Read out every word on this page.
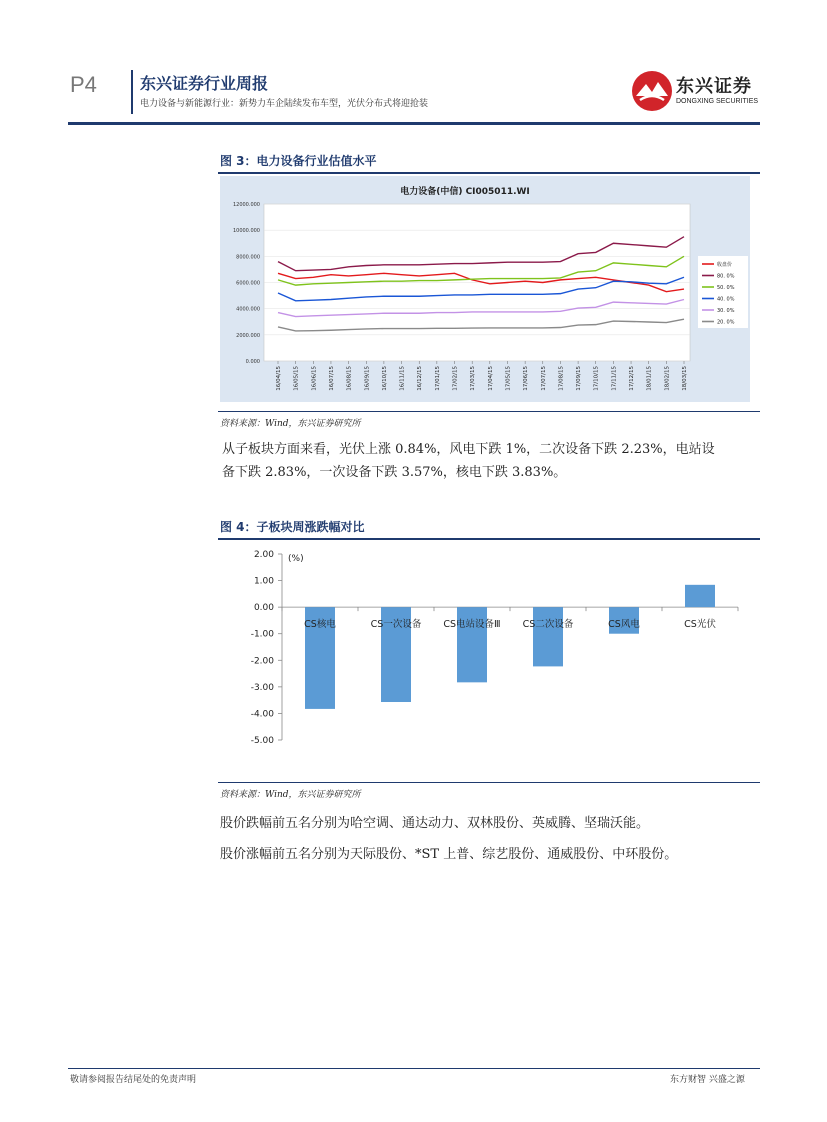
P4	东兴证券行业周报
电力设备与新能源行业：新势力车企陆续发布车型，光伏分布式将迎抢装
东兴证券
DONGXING SECURITIES
图 3：电力设备行业估值水平
电力设备(中信) CI005011.WI
0.000
2000.000
4000.000
6000.000
8000.000
10000.000
12000.000
16/04/15 16/05/15 16/06/15 16/07/15 16/08/15 16/09/15 16/10/15 16/11/15 16/12/15 17/01/15 17/02/15 17/03/15 17/04/15 17/05/15 17/06/15 17/07/15 17/08/15 17/09/15 17/10/15 17/11/15 17/12/15 18/01/15 18/02/15 18/03/15
收盘价
80. 0%
50. 0%
40. 0%
30. 0%
20. 0%
资料来源：Wind，东兴证券研究所
从子板块方面来看，光伏上涨 0.84%，风电下跌 1%，二次设备下跌 2.23%，电站设
备下跌 2.83%，一次设备下跌 3.57%，核电下跌 3.83%。
图 4：子板块周涨跌幅对比
2.00
1.00
0.00
-1.00
-2.00
-3.00
-4.00
-5.00
(%)
CS核电	CS一次设备 CS电站设备Ⅲ CS二次设备	CS风电	CS光伏
资料来源：Wind，东兴证券研究所
股价跌幅前五名分别为哈空调、通达动力、双林股份、英威腾、坚瑞沃能。
股价涨幅前五名分别为天际股份、*ST 上普、综艺股份、通威股份、中环股份。
敬请参阅报告结尾处的免责声明	东方财智 兴盛之源
